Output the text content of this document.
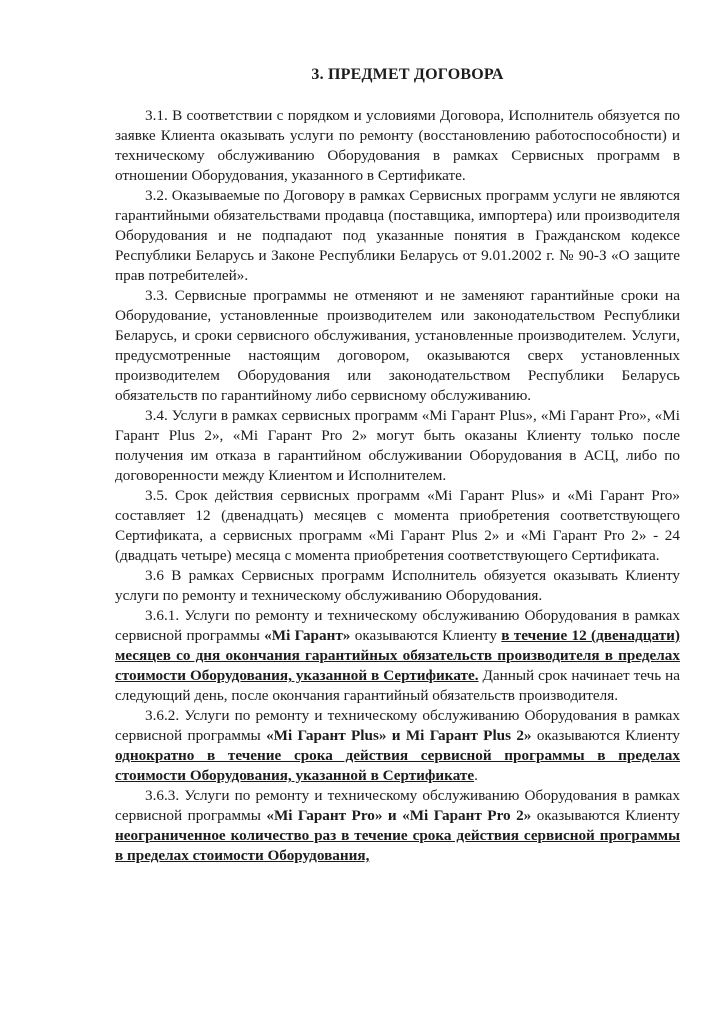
3. ПРЕДМЕТ ДОГОВОРА

3.1. В соответствии с порядком и условиями Договора, Исполнитель обязуется по заявке Клиента оказывать услуги по ремонту (восстановлению работоспособности) и техническому обслуживанию Оборудования в рамках Сервисных программ в отношении Оборудования, указанного в Сертификате.

3.2. Оказываемые по Договору в рамках Сервисных программ услуги не являются гарантийными обязательствами продавца (поставщика, импортера) или производителя Оборудования и не подпадают под указанные понятия в Гражданском кодексе Республики Беларусь и Законе Республики Беларусь от 9.01.2002 г. № 90-З «О защите прав потребителей».

3.3. Сервисные программы не отменяют и не заменяют гарантийные сроки на Оборудование, установленные производителем или законодательством Республики Беларусь, и сроки сервисного обслуживания, установленные производителем. Услуги, предусмотренные настоящим договором, оказываются сверх установленных производителем Оборудования или законодательством Республики Беларусь обязательств по гарантийному либо сервисному обслуживанию.

3.4. Услуги в рамках сервисных программ «Mi Гарант Plus», «Mi Гарант Pro», «Mi Гарант Plus 2», «Mi Гарант Pro 2» могут быть оказаны Клиенту только после получения им отказа в гарантийном обслуживании Оборудования в АСЦ, либо по договоренности между Клиентом и Исполнителем.

3.5. Срок действия сервисных программ «Mi Гарант Plus» и «Mi Гарант Pro» составляет 12 (двенадцать) месяцев с момента приобретения соответствующего Сертификата, а сервисных программ «Mi Гарант Plus 2» и «Mi Гарант Pro 2» - 24 (двадцать четыре) месяца с момента приобретения соответствующего Сертификата.

3.6 В рамках Сервисных программ Исполнитель обязуется оказывать Клиенту услуги по ремонту и техническому обслуживанию Оборудования.

3.6.1. Услуги по ремонту и техническому обслуживанию Оборудования в рамках сервисной программы «Mi Гарант» оказываются Клиенту в течение 12 (двенадцати) месяцев со дня окончания гарантийных обязательств производителя в пределах стоимости Оборудования, указанной в Сертификате. Данный срок начинает течь на следующий день, после окончания гарантийный обязательств производителя.

3.6.2. Услуги по ремонту и техническому обслуживанию Оборудования в рамках сервисной программы «Mi Гарант Plus» и Mi Гарант Plus 2» оказываются Клиенту однократно в течение срока действия сервисной программы в пределах стоимости Оборудования, указанной в Сертификате.

3.6.3. Услуги по ремонту и техническому обслуживанию Оборудования в рамках сервисной программы «Mi Гарант Pro» и «Mi Гарант Pro 2» оказываются Клиенту неограниченное количество раз в течение срока действия сервисной программы в пределах стоимости Оборудования,
